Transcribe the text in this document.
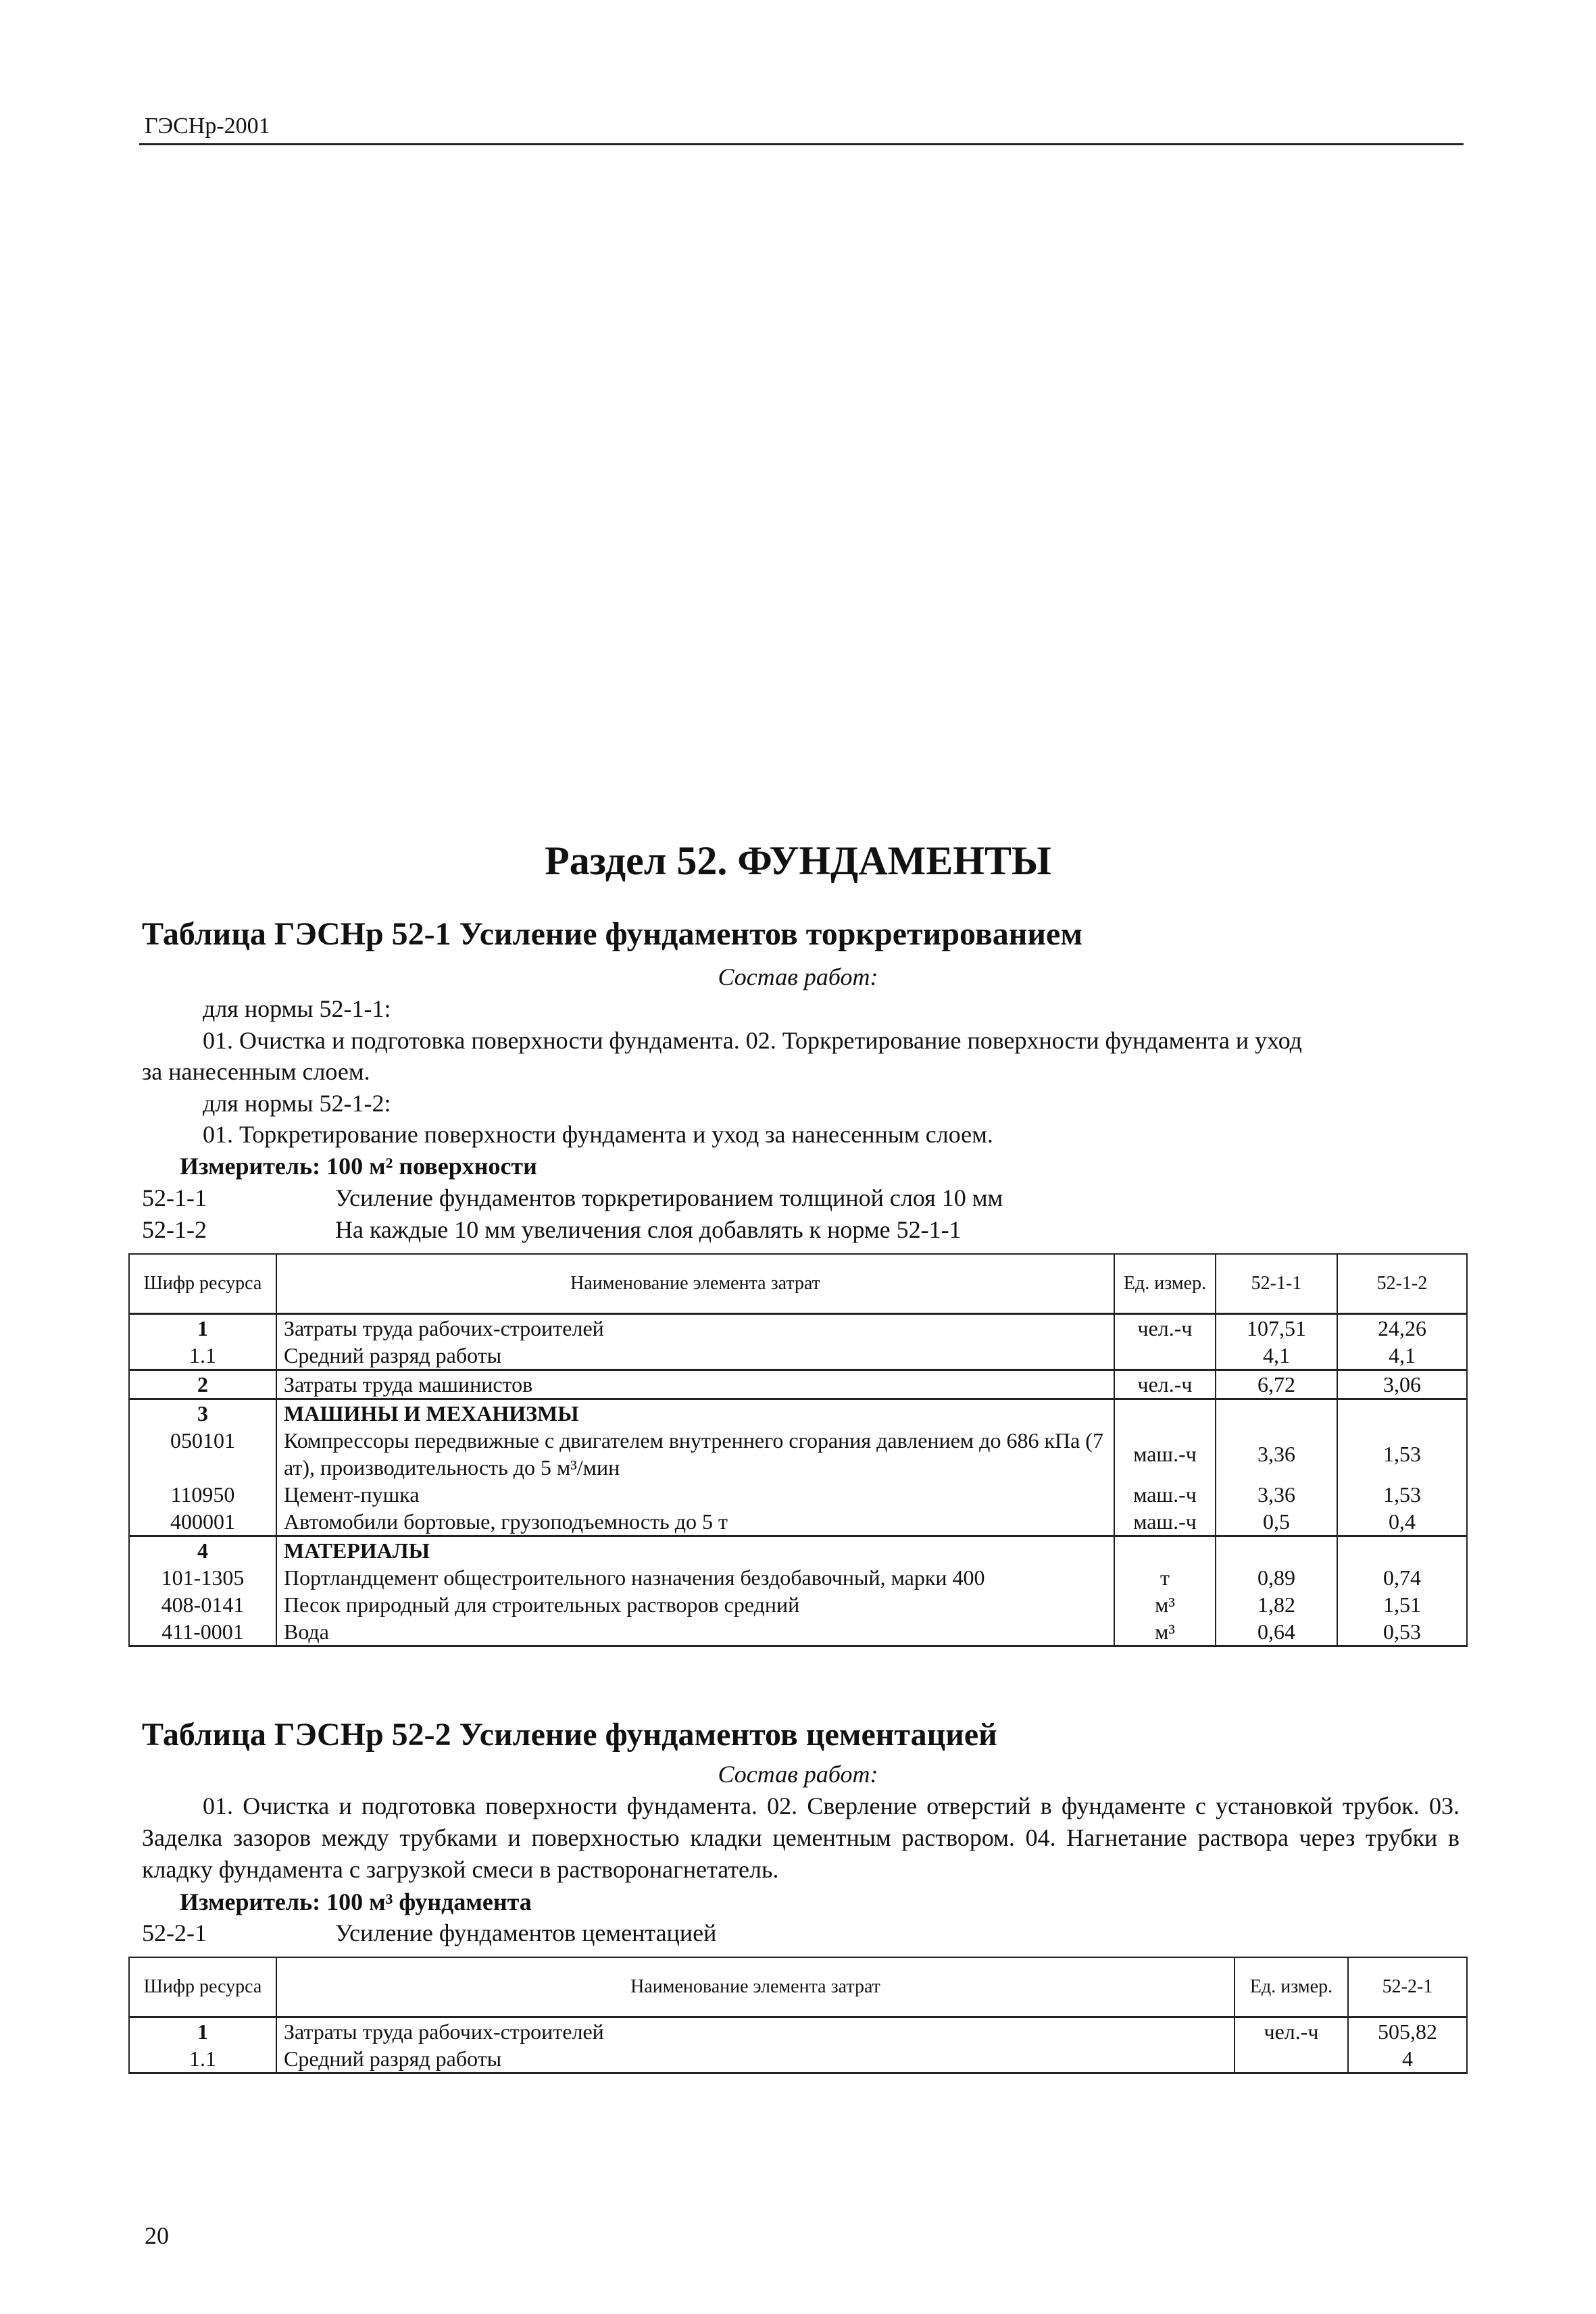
ГЭСНр-2001
Раздел 52. ФУНДАМЕНТЫ
Таблица ГЭСНр 52-1 Усиление фундаментов торкретированием
Состав работ:
для нормы 52-1-1:
01. Очистка и подготовка поверхности фундамента. 02. Торкретирование поверхности фундамента и уход
за нанесенным слоем.
для нормы 52-1-2:
01. Торкретирование поверхности фундамента и уход за нанесенным слоем.
Измеритель: 100 м² поверхности
52-1-1	Усиление фундаментов торкретированием толщиной слоя 10 мм
52-1-2	На каждые 10 мм увеличения слоя добавлять к норме 52-1-1
Шифр ресурса	Наименование элемента затрат	Ед. измер.	52-1-1	52-1-2
1	Затраты труда рабочих-строителей	чел.-ч	107,51	24,26
1.1	Средний разряд работы		4,1	4,1
2	Затраты труда машинистов	чел.-ч	6,72	3,06
3	МАШИНЫ И МЕХАНИЗМЫ			
050101	Компрессоры передвижные с двигателем внутреннего сгорания давлением до 686 кПа (7 ат), производительность до 5 м³/мин	маш.-ч	3,36	1,53
110950	Цемент-пушка	маш.-ч	3,36	1,53
400001	Автомобили бортовые, грузоподъемность до 5 т	маш.-ч	0,5	0,4
4	МАТЕРИАЛЫ			
101-1305	Портландцемент общестроительного назначения бездобавочный, марки 400	т	0,89	0,74
408-0141	Песок природный для строительных растворов средний	м³	1,82	1,51
411-0001	Вода	м³	0,64	0,53
Таблица ГЭСНр 52-2 Усиление фундаментов цементацией
Состав работ:
01. Очистка и подготовка поверхности фундамента. 02. Сверление отверстий в фундаменте с установкой трубок. 03. Заделка зазоров между трубками и поверхностью кладки цементным раствором. 04. Нагнетание раствора через трубки в кладку фундамента с загрузкой смеси в растворонагнетатель.
Измеритель: 100 м³ фундамента
52-2-1	Усиление фундаментов цементацией
Шифр ресурса	Наименование элемента затрат	Ед. измер.	52-2-1
1	Затраты труда рабочих-строителей	чел.-ч	505,82
1.1	Средний разряд работы		4
20
